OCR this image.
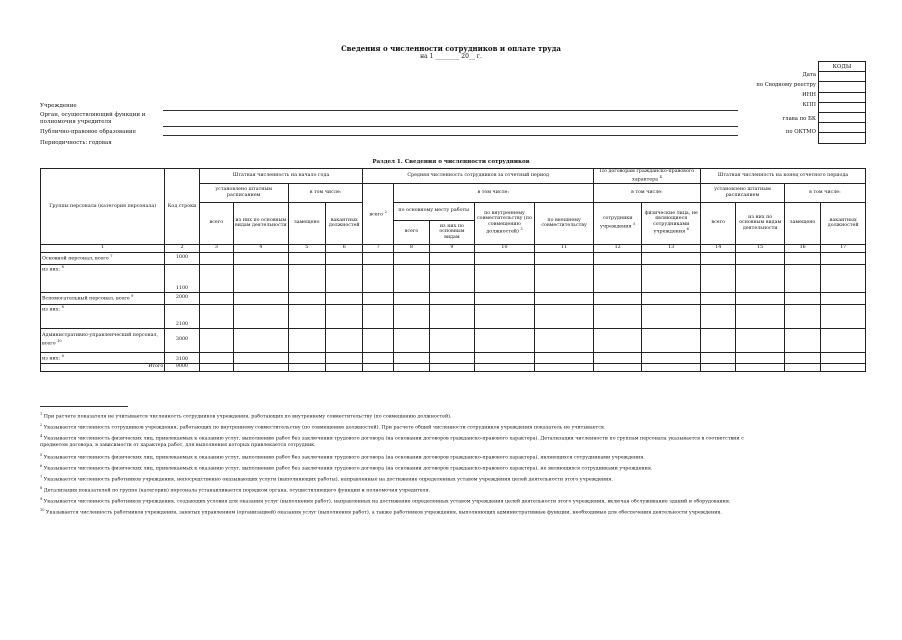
Сведения о численности сотрудников и оплате труда
на 1 ________ 20__ г.
КОДЫ

Дата
по Сводному реестру
ИНН
КПП
глава по БК
по ОКТМО
Учреждение
Орган, осуществляющий функции и
полномочия учредителя
Публично-правовое образование
Периодичность: годовая
Раздел 1. Сведения о численности сотрудников
Группы персонала (категория персонала)	Код строки	Штатная численность на начало года				Средняя численность сотрудников за отчетный период					По договорам гражданско-правового характера $^4$		Штатная численность на конец отчетного периода			
		установлено штатным расписанием		в том числе:		всего $^2$	в том числе:				в том числе:		установлено штатным расписанием		в том числе:	
		всего	из них по основным видам деятельности	замещено	вакантных должностей		по основному месту работы		по внутреннему совместительству (по совмещению должностей) $^3$	по внешнему совместительству	сотрудники учреждения $^5$	физические лица, не являющиеся сотрудниками учреждения $^6$	всего	из них по основным видам деятельности	замещено	вакантных должностей
							всего	из них по основным видам								
1	2	3	4	5	6	7	8	9	10	11	12	13	14	15	16	17
Основной персонал, всего $^7$	1000															
из них: $^8$	1100															
Вспомогательный персонал, всего $^9$	2000															
из них: $^8$	2100															
Административно-управленческий персонал, всего $^{10}$	3000															
из них: $^8$	3100															
Итого	9000															
$^1$ При расчете показателя не учитывается численность сотрудников учреждения, работающих по внутреннему совместительству (по совмещению должностей).
$^2$ Указывается численность сотрудников учреждения, работающих по внутреннему совместительству (по совмещению должностей). При расчете общей численности сотрудников учреждения показатель не учитывается.
$^4$ Указывается численность физических лиц, привлекаемых к оказанию услуг, выполнению работ без заключения трудового договора (на основании договоров гражданско-правового характера). Детализация численности по группам персонала указывается в соответствии с
предметом договора, в зависимости от характера работ, для выполнения которых привлекается сотрудник.
$^5$ Указывается численность физических лиц, привлекаемых к оказанию услуг, выполнению работ без заключения трудового договора (на основании договоров гражданско-правового характера), являющихся сотрудниками учреждения.
$^6$ Указывается численность физических лиц, привлекаемых к оказанию услуг, выполнению работ без заключения трудового договора (на основании договоров гражданско-правового характера), не являющихся сотрудниками учреждения.
$^7$ Указывается численность работников учреждения, непосредственно оказывающих услуги (выполняющих работы), направленные на достижение определенных уставом учреждения целей деятельности этого учреждения.
$^8$ Детализация показателей по группе (категории) персонала устанавливается порядком органа, осуществляющего функции и полномочия учредителя.
$^9$ Указывается численность работников учреждения, создающих условия для оказания услуг (выполнения работ), направленных на достижение определенных уставом учреждения целей деятельности этого учреждения, включая обслуживание зданий и оборудования.
$^{10}$ Указывается численность работников учреждения, занятых управлением (организацией) оказания услуг (выполнения работ), а также работников учреждения, выполняющих административные функции, необходимые для обеспечения деятельности учреждения.
